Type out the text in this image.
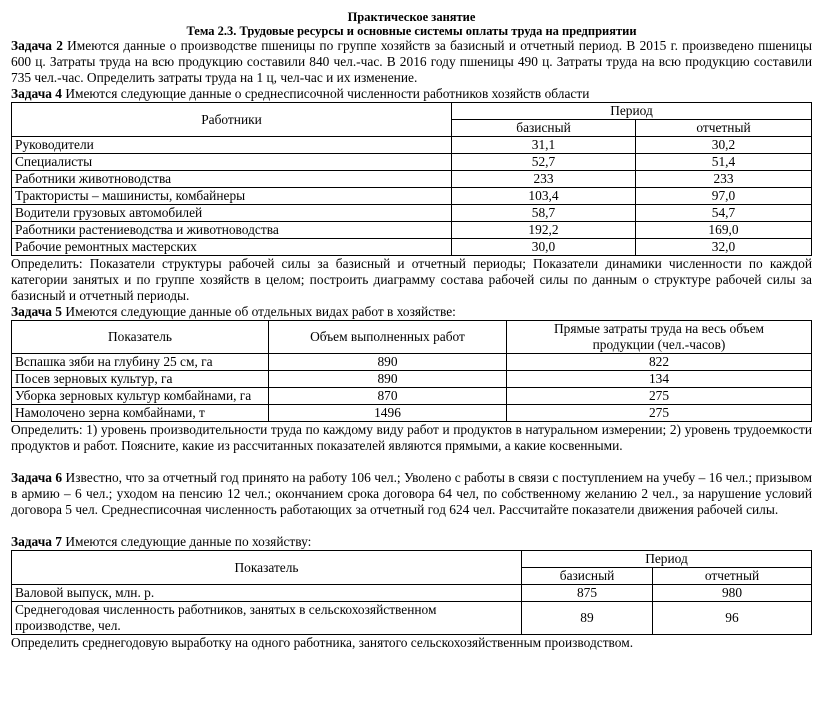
Практическое занятие
Тема 2.3. Трудовые ресурсы и основные системы оплаты труда на предприятии

Задача 2 Имеются данные о производстве пшеницы по группе хозяйств за базисный и отчетный период. В 2015 г. произведено пшеницы 600 ц. Затраты труда на всю продукцию составили 840 чел.-час. В 2016 году пшеницы 490 ц. Затраты труда на всю продукцию составили 735 чел.-час. Определить затраты труда на 1 ц, чел-час и их изменение.

Задача 4 Имеются следующие данные о среднесписочной численности работников хозяйств области

Работники	Период	
	базисный	отчетный
Руководители	31,1	30,2
Специалисты	52,7	51,4
Работники животноводства	233	233
Трактористы – машинисты, комбайнеры	103,4	97,0
Водители грузовых автомобилей	58,7	54,7
Работники растениеводства и животноводства	192,2	169,0
Рабочие ремонтных мастерских	30,0	32,0

Определить: Показатели структуры рабочей силы за базисный и отчетный периоды; Показатели динамики численности по каждой категории занятых и по группе хозяйств в целом; построить диаграмму состава рабочей силы по данным о структуре рабочей силы за базисный и отчетный периоды.

Задача 5 Имеются следующие данные об отдельных видах работ в хозяйстве:

Показатель	Объем выполненных работ	Прямые затраты труда на весь объем продукции (чел.-часов)
Вспашка зяби на глубину 25 см, га	890	822
Посев зерновых культур, га	890	134
Уборка зерновых культур комбайнами, га	870	275
Намолочено зерна комбайнами, т	1496	275

Определить: 1) уровень производительности труда по каждому виду работ и продуктов в натуральном измерении; 2) уровень трудоемкости продуктов и работ. Поясните, какие из рассчитанных показателей являются прямыми, а какие косвенными.

Задача 6 Известно, что за отчетный год принято на работу 106 чел.; Уволено с работы в связи с поступлением на учебу – 16 чел.; призывом в армию – 6 чел.; уходом на пенсию 12 чел.; окончанием срока договора 64 чел, по собственному желанию 2 чел., за нарушение условий договора 5 чел. Среднесписочная численность работающих за отчетный год 624 чел. Рассчитайте показатели движения рабочей силы.

Задача 7 Имеются следующие данные по хозяйству:

Показатель	Период	
	базисный	отчетный
Валовой выпуск, млн. р.	875	980
Среднегодовая численность работников, занятых в сельскохозяйственном производстве, чел.	89	96

Определить среднегодовую выработку на одного работника, занятого сельскохозяйственным производством.
